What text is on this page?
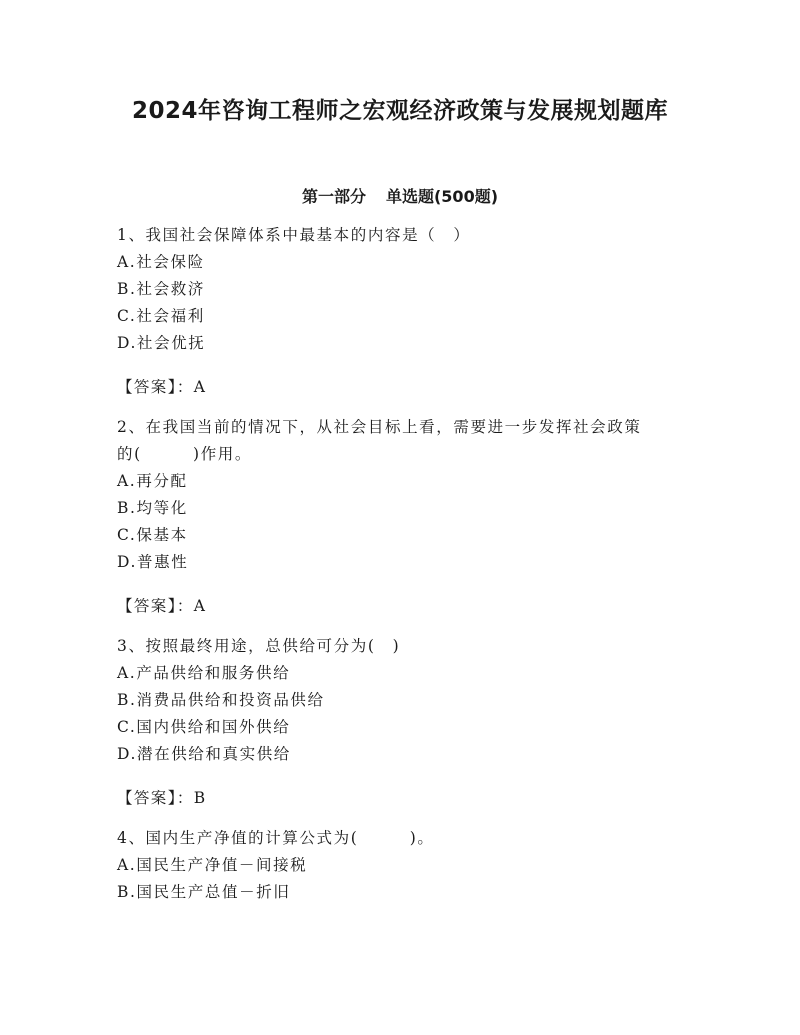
2024年咨询工程师之宏观经济政策与发展规划题库
第一部分 单选题(500题)

1、我国社会保障体系中最基本的内容是（　）

A.社会保险

B.社会救济

C.社会福利

D.社会优抚

【答案】：A

2、在我国当前的情况下，从社会目标上看，需要进一步发挥社会政策

的(　　　)作用。

A.再分配

B.均等化

C.保基本

D.普惠性

【答案】：A

3、按照最终用途，总供给可分为(　)

A.产品供给和服务供给

B.消费品供给和投资品供给

C.国内供给和国外供给

D.潜在供给和真实供给

【答案】：B

4、国内生产净值的计算公式为(　　　)。

A.国民生产净值－间接税

B.国民生产总值－折旧
